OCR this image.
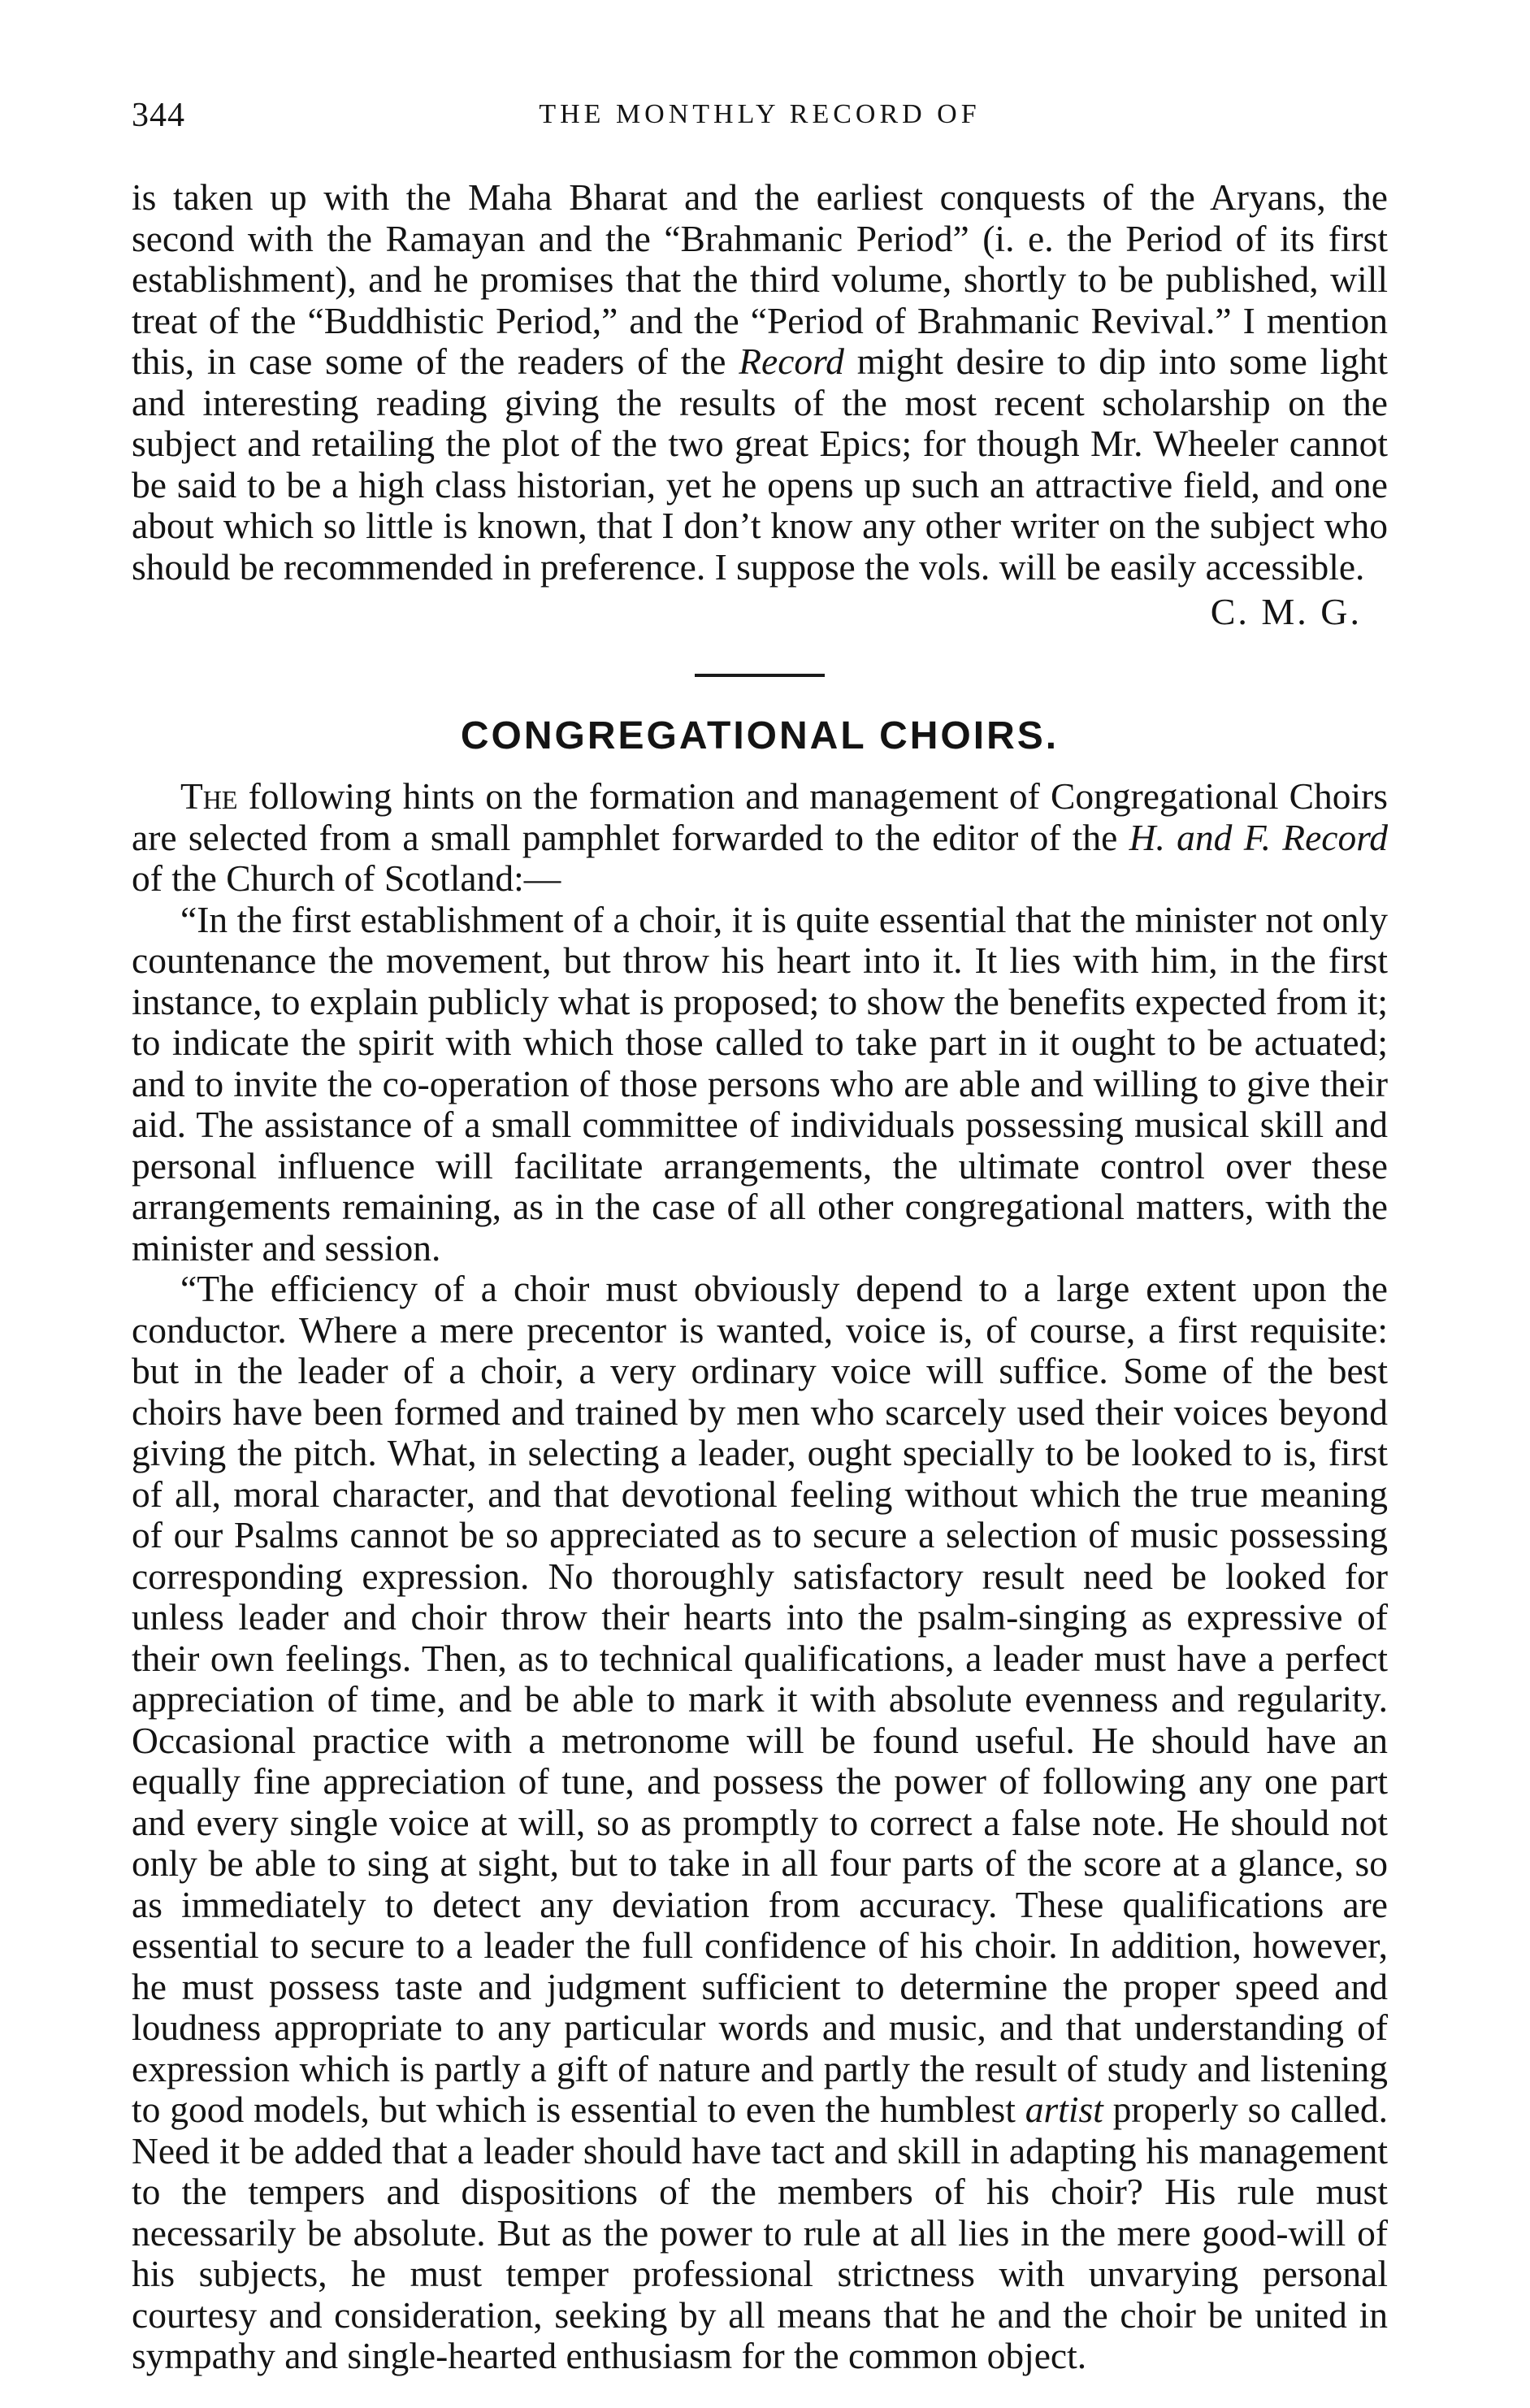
344	THE MONTHLY RECORD OF

is taken up with the Maha Bharat and the earliest conquests of the Aryans, the second with the Ramayan and the “Brahmanic Period” (i. e. the Period of its first establishment), and he promises that the third volume, shortly to be published, will treat of the “Buddhistic Period,” and the “Period of Brahmanic Revival.” I mention this, in case some of the readers of the Record might desire to dip into some light and interesting reading giving the results of the most recent scholarship on the subject and retailing the plot of the two great Epics; for though Mr. Wheeler cannot be said to be a high class historian, yet he opens up such an attractive field, and one about which so little is known, that I don’t know any other writer on the subject who should be recommended in preference. I suppose the vols. will be easily accessible.

C. M. G.

CONGREGATIONAL CHOIRS.

The following hints on the formation and management of Congregational Choirs are selected from a small pamphlet forwarded to the editor of the H. and F. Record of the Church of Scotland:—

“In the first establishment of a choir, it is quite essential that the minister not only countenance the movement, but throw his heart into it. It lies with him, in the first instance, to explain publicly what is proposed; to show the benefits expected from it; to indicate the spirit with which those called to take part in it ought to be actuated; and to invite the co-operation of those persons who are able and willing to give their aid. The assistance of a small committee of individuals possessing musical skill and personal influence will facilitate arrangements, the ultimate control over these arrangements remaining, as in the case of all other congregational matters, with the minister and session.

“The efficiency of a choir must obviously depend to a large extent upon the conductor. Where a mere precentor is wanted, voice is, of course, a first requisite: but in the leader of a choir, a very ordinary voice will suffice. Some of the best choirs have been formed and trained by men who scarcely used their voices beyond giving the pitch. What, in selecting a leader, ought specially to be looked to is, first of all, moral character, and that devotional feeling without which the true meaning of our Psalms cannot be so appreciated as to secure a selection of music possessing corresponding expression. No thoroughly satisfactory result need be looked for unless leader and choir throw their hearts into the psalm-singing as expressive of their own feelings. Then, as to technical qualifications, a leader must have a perfect appreciation of time, and be able to mark it with absolute evenness and regularity. Occasional practice with a metronome will be found useful. He should have an equally fine appreciation of tune, and possess the power of following any one part and every single voice at will, so as promptly to correct a false note. He should not only be able to sing at sight, but to take in all four parts of the score at a glance, so as immediately to detect any deviation from accuracy. These qualifications are essential to secure to a leader the full confidence of his choir. In addition, however, he must possess taste and judgment sufficient to determine the proper speed and loudness appropriate to any particular words and music, and that understanding of expression which is partly a gift of nature and partly the result of study and listening to good models, but which is essential to even the humblest artist properly so called. Need it be added that a leader should have tact and skill in adapting his management to the tempers and dispositions of the members of his choir? His rule must necessarily be absolute. But as the power to rule at all lies in the mere good-will of his subjects, he must temper professional strictness with unvarying personal courtesy and consideration, seeking by all means that he and the choir be united in sympathy and single-hearted enthusiasm for the common object.
